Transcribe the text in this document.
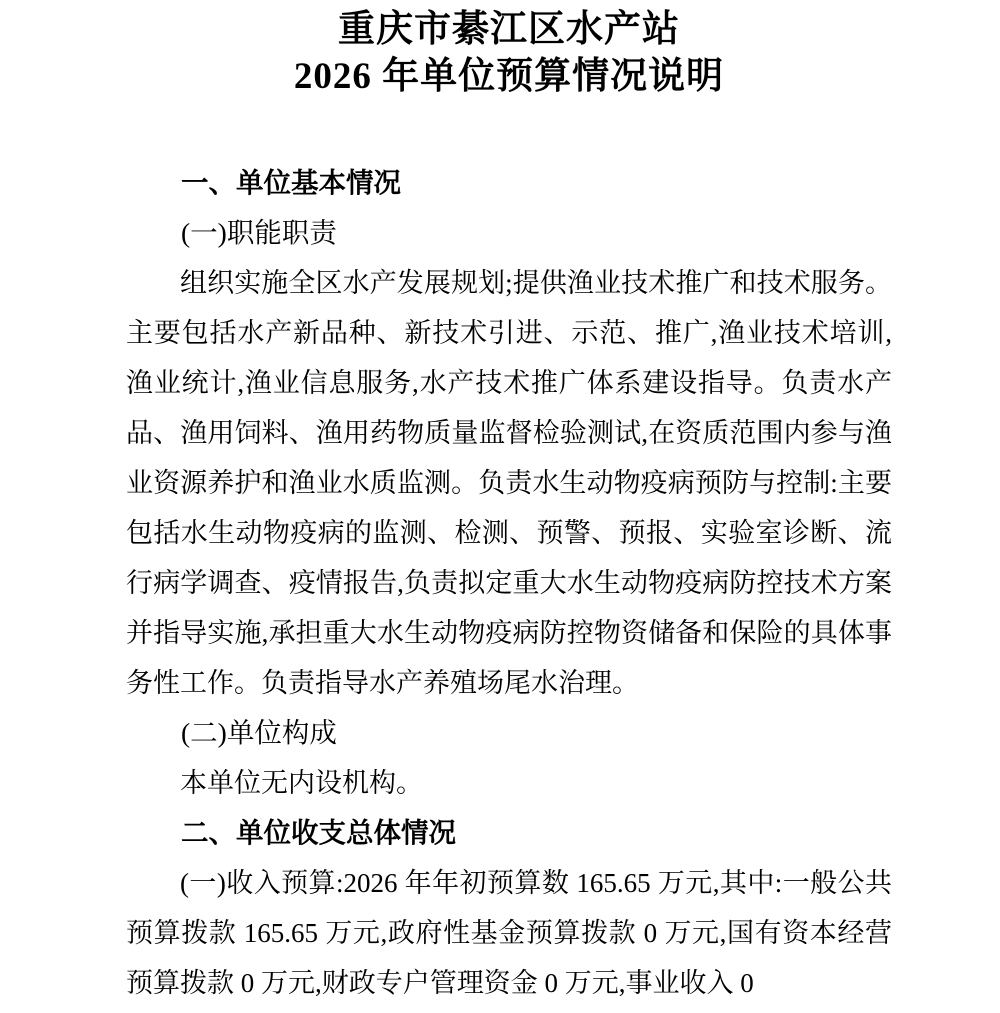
重庆市綦江区水产站
2026 年单位预算情况说明
一、单位基本情况
(一)职能职责
组织实施全区水产发展规划;提供渔业技术推广和技术服务。主要包括水产新品种、新技术引进、示范、推广,渔业技术培训,渔业统计,渔业信息服务,水产技术推广体系建设指导。负责水产品、渔用饲料、渔用药物质量监督检验测试,在资质范围内参与渔业资源养护和渔业水质监测。负责水生动物疫病预防与控制:主要包括水生动物疫病的监测、检测、预警、预报、实验室诊断、流行病学调查、疫情报告,负责拟定重大水生动物疫病防控技术方案并指导实施,承担重大水生动物疫病防控物资储备和保险的具体事务性工作。负责指导水产养殖场尾水治理。
(二)单位构成
本单位无内设机构。
二、单位收支总体情况
(一)收入预算:2026 年年初预算数 165.65 万元,其中:一般公共预算拨款 165.65 万元,政府性基金预算拨款 0 万元,国有资本经营预算拨款 0 万元,财政专户管理资金 0 万元,事业收入 0
